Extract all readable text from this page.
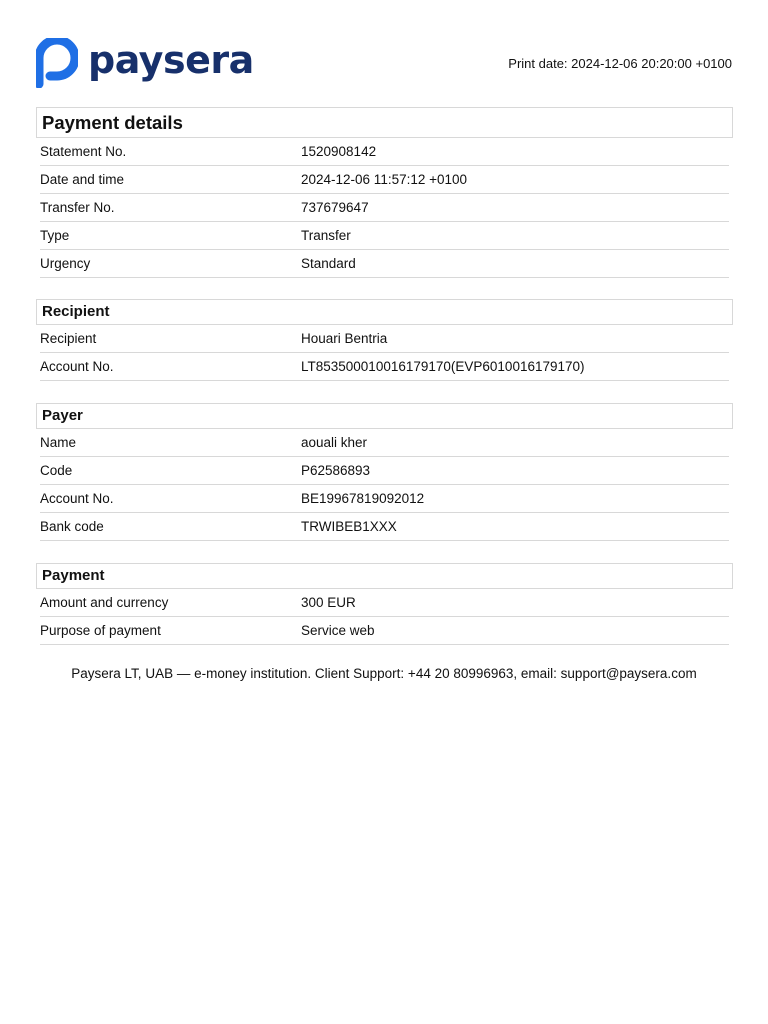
paysera	Print date: 2024-12-06 20:20:00 +0100
Payment details
Statement No.	1520908142
Date and time	2024-12-06 11:57:12 +0100
Transfer No.	737679647
Type	Transfer
Urgency	Standard
Recipient
Recipient	Houari Bentria
Account No.	LT853500010016179170(EVP6010016179170)
Payer
Name	aouali kher
Code	P62586893
Account No.	BE19967819092012
Bank code	TRWIBEB1XXX
Payment
Amount and currency	300 EUR
Purpose of payment	Service web
Paysera LT, UAB — e-money institution. Client Support: +44 20 80996963, email: support@paysera.com
